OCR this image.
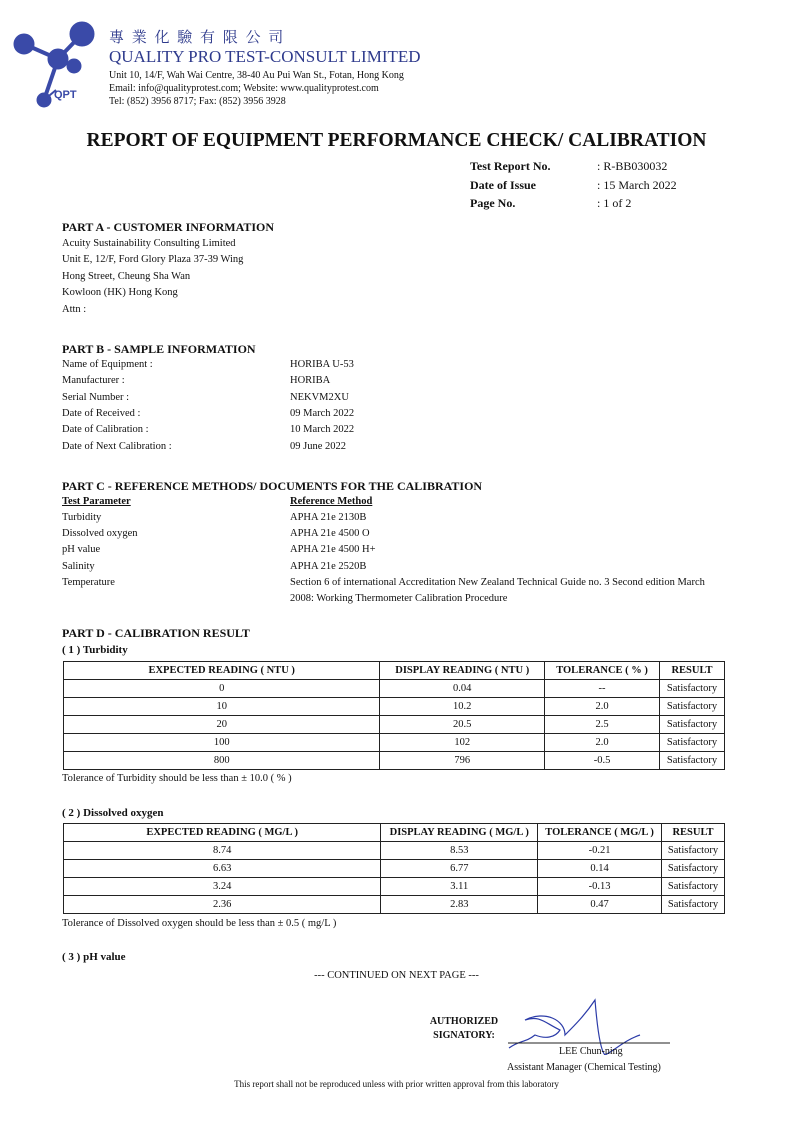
QPT
專 業 化 驗 有 限 公 司
QUALITY PRO TEST-CONSULT LIMITED
Unit 10, 14/F, Wah Wai Centre, 38-40 Au Pui Wan St., Fotan, Hong Kong
Email: info@qualityprotest.com; Website: www.qualityprotest.com
Tel: (852) 3956 8717; Fax: (852) 3956 3928
REPORT OF EQUIPMENT PERFORMANCE CHECK/ CALIBRATION
Test Report No.	: R-BB030032
Date of Issue	: 15 March 2022
Page No.	: 1 of 2
PART A - CUSTOMER INFORMATION
Acuity Sustainability Consulting Limited
Unit E, 12/F, Ford Glory Plaza 37-39 Wing
Hong Street, Cheung Sha Wan
Kowloon (HK) Hong Kong
Attn :
PART B - SAMPLE INFORMATION
Name of Equipment :	HORIBA U-53
Manufacturer :	HORIBA
Serial Number :	NEKVM2XU
Date of Received :	09 March 2022
Date of Calibration :	10 March 2022
Date of Next Calibration :	09 June 2022
PART C - REFERENCE METHODS/ DOCUMENTS FOR THE CALIBRATION
Test Parameter	Reference Method
Turbidity	APHA 21e 2130B
Dissolved oxygen	APHA 21e 4500 O
pH value	APHA 21e 4500 H+
Salinity	APHA 21e 2520B
Temperature	Section 6 of international Accreditation New Zealand Technical Guide no. 3 Second edition March
2008: Working Thermometer Calibration Procedure
PART D - CALIBRATION RESULT
( 1 ) Turbidity
EXPECTED READING ( NTU )	DISPLAY READING ( NTU )	TOLERANCE ( % )	RESULT
0	0.04	--	Satisfactory
10	10.2	2.0	Satisfactory
20	20.5	2.5	Satisfactory
100	102	2.0	Satisfactory
800	796	-0.5	Satisfactory
Tolerance of Turbidity should be less than ± 10.0 ( % )
( 2 ) Dissolved oxygen
EXPECTED READING ( MG/L )	DISPLAY READING ( MG/L )	TOLERANCE ( MG/L )	RESULT
8.74	8.53	-0.21	Satisfactory
6.63	6.77	0.14	Satisfactory
3.24	3.11	-0.13	Satisfactory
2.36	2.83	0.47	Satisfactory
Tolerance of Dissolved oxygen should be less than ± 0.5 ( mg/L )
( 3 ) pH value
--- CONTINUED ON NEXT PAGE ---
AUTHORIZED
SIGNATORY:
LEE Chun-ning
Assistant Manager (Chemical Testing)
This report shall not be reproduced unless with prior written approval from this laboratory
